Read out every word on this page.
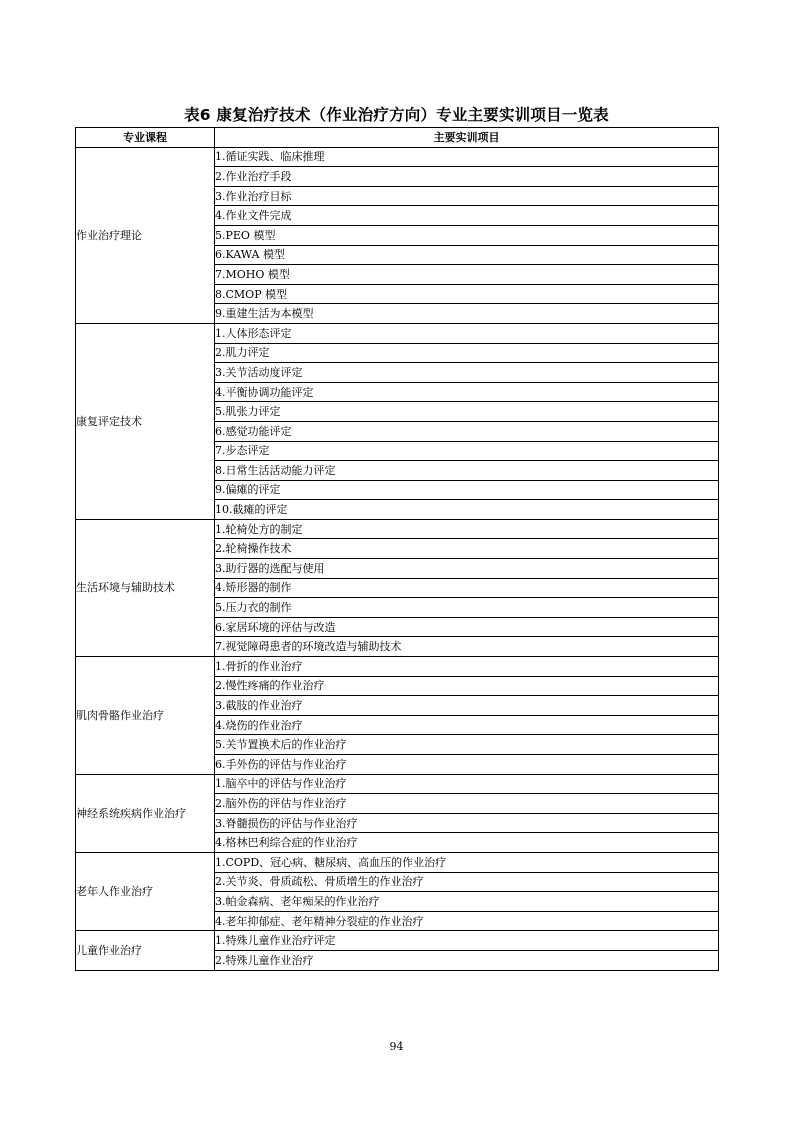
表6 康复治疗技术（作业治疗方向）专业主要实训项目一览表
专业课程	主要实训项目
作业治疗理论	1.循证实践、临床推理
	2.作业治疗手段
	3.作业治疗目标
	4.作业文件完成
	5.PEO 模型
	6.KAWA 模型
	7.MOHO 模型
	8.CMOP 模型
	9.重建生活为本模型
康复评定技术	1.人体形态评定
	2.肌力评定
	3.关节活动度评定
	4.平衡协调功能评定
	5.肌张力评定
	6.感觉功能评定
	7.步态评定
	8.日常生活活动能力评定
	9.偏瘫的评定
	10.截瘫的评定
生活环境与辅助技术	1.轮椅处方的制定
	2.轮椅操作技术
	3.助行器的选配与使用
	4.矫形器的制作
	5.压力衣的制作
	6.家居环境的评估与改造
	7.视觉障碍患者的环境改造与辅助技术
肌肉骨骼作业治疗	1.骨折的作业治疗
	2.慢性疼痛的作业治疗
	3.截肢的作业治疗
	4.烧伤的作业治疗
	5.关节置换术后的作业治疗
	6.手外伤的评估与作业治疗
神经系统疾病作业治疗	1.脑卒中的评估与作业治疗
	2.脑外伤的评估与作业治疗
	3.脊髓损伤的评估与作业治疗
	4.格林巴利综合症的作业治疗
老年人作业治疗	1.COPD、冠心病、糖尿病、高血压的作业治疗
	2.关节炎、骨质疏松、骨质增生的作业治疗
	3.帕金森病、老年痴呆的作业治疗
	4.老年抑郁症、老年精神分裂症的作业治疗
儿童作业治疗	1.特殊儿童作业治疗评定
	2.特殊儿童作业治疗
94
